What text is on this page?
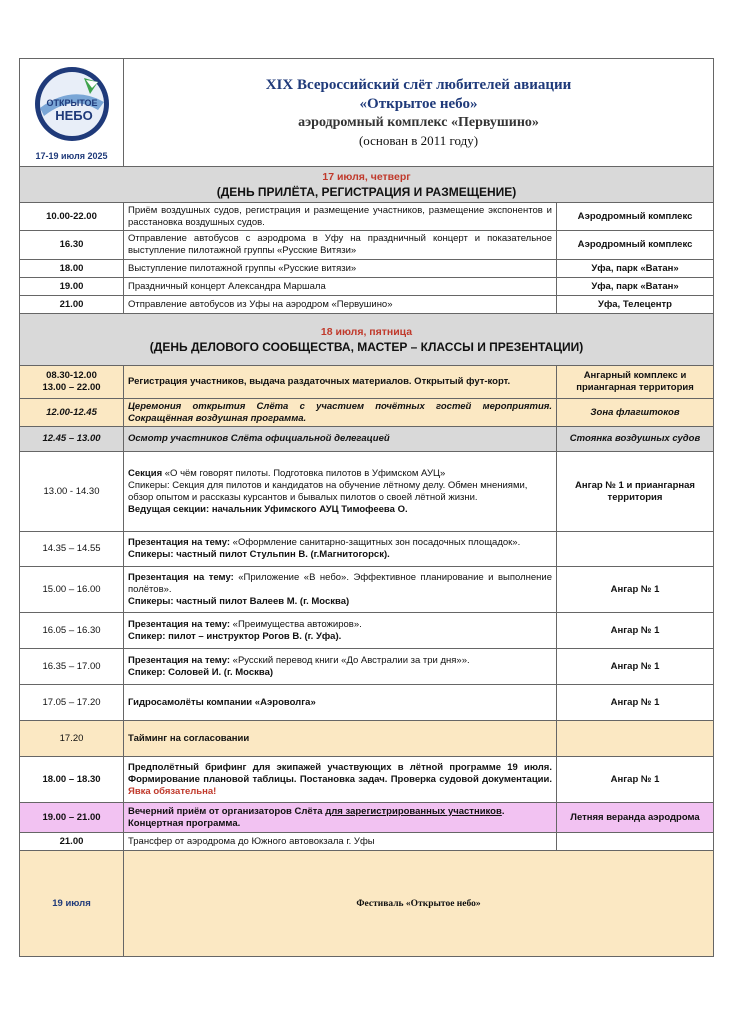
ОТКРЫТОЕ
НЕБО
17-19 июля 2025	XIX Всероссийский слёт любителей авиации
«Открытое небо»
аэродромный комплекс «Первушино»
(основан в 2011 году)	

17 июля, четверг
(ДЕНЬ ПРИЛЁТА, РЕГИСТРАЦИЯ И РАЗМЕЩЕНИЕ)		

10.00-22.00	Приём воздушных судов, регистрация и размещение участников, размещение экспонентов и расстановка воздушных судов.	Аэродромный комплекс
16.30	Отправление автобусов с аэродрома в Уфу на праздничный концерт и показательное выступление пилотажной группы «Русские Витязи»	Аэродромный комплекс
18.00	Выступление пилотажной группы «Русские витязи»	Уфа, парк «Ватан»
19.00	Праздничный концерт Александра Маршала	Уфа, парк «Ватан»
21.00	Отправление автобусов из Уфы на аэродром «Первушино»	Уфа, Телецентр

18 июля, пятница
(ДЕНЬ ДЕЛОВОГО СООБЩЕСТВА, МАСТЕР – КЛАССЫ И ПРЕЗЕНТАЦИИ)		

08.30-12.00
13.00 – 22.00	Регистрация участников, выдача раздаточных материалов. Открытый фут-корт.	Ангарный комплекс и приангарная территория
12.00-12.45	Церемония открытия Слёта с участием почётных гостей мероприятия. Сокращённая воздушная программа.	Зона флагштоков
12.45 – 13.00	Осмотр участников Слёта официальной делегацией	Стоянка воздушных судов
13.00 - 14.30	Секция «О чём говорят пилоты. Подготовка пилотов в Уфимском АУЦ»
Спикеры: Секция для пилотов и кандидатов на обучение лётному делу. Обмен мнениями, обзор опытом и рассказы курсантов и бывалых пилотов о своей лётной жизни.
Ведущая секции: начальник Уфимского АУЦ Тимофеева О.	Ангар № 1 и приангарная территория
14.35 – 14.55	Презентация на тему: «Оформление санитарно-защитных зон посадочных площадок».
Спикеры: частный пилот Стульпин В. (г.Магнитогорск).	
15.00 – 16.00	Презентация на тему: «Приложение «В небо». Эффективное планирование и выполнение полётов».
Спикеры: частный пилот Валеев М. (г. Москва)	Ангар № 1
16.05 – 16.30	Презентация на тему: «Преимущества автожиров».
Спикер: пилот – инструктор Рогов В. (г. Уфа).	Ангар № 1
16.35 – 17.00	Презентация на тему: «Русский перевод книги «До Австралии за три дня»».
Спикер: Соловей И. (г. Москва)	Ангар № 1
17.05 – 17.20	Гидросамолёты компании «Аэроволга»	Ангар № 1
17.20	Тайминг на согласовании	
18.00 – 18.30	Предполётный брифинг для экипажей участвующих в лётной программе 19 июля. Формирование плановой таблицы. Постановка задач. Проверка судовой документации. Явка обязательна!	Ангар № 1
19.00 – 21.00	Вечерний приём от организаторов Слёта для зарегистрированных участников. Концертная программа.	Летняя веранда аэродрома
21.00	Трансфер от аэродрома до Южного автовокзала г. Уфы	
19 июля	Фестиваль «Открытое небо»	
